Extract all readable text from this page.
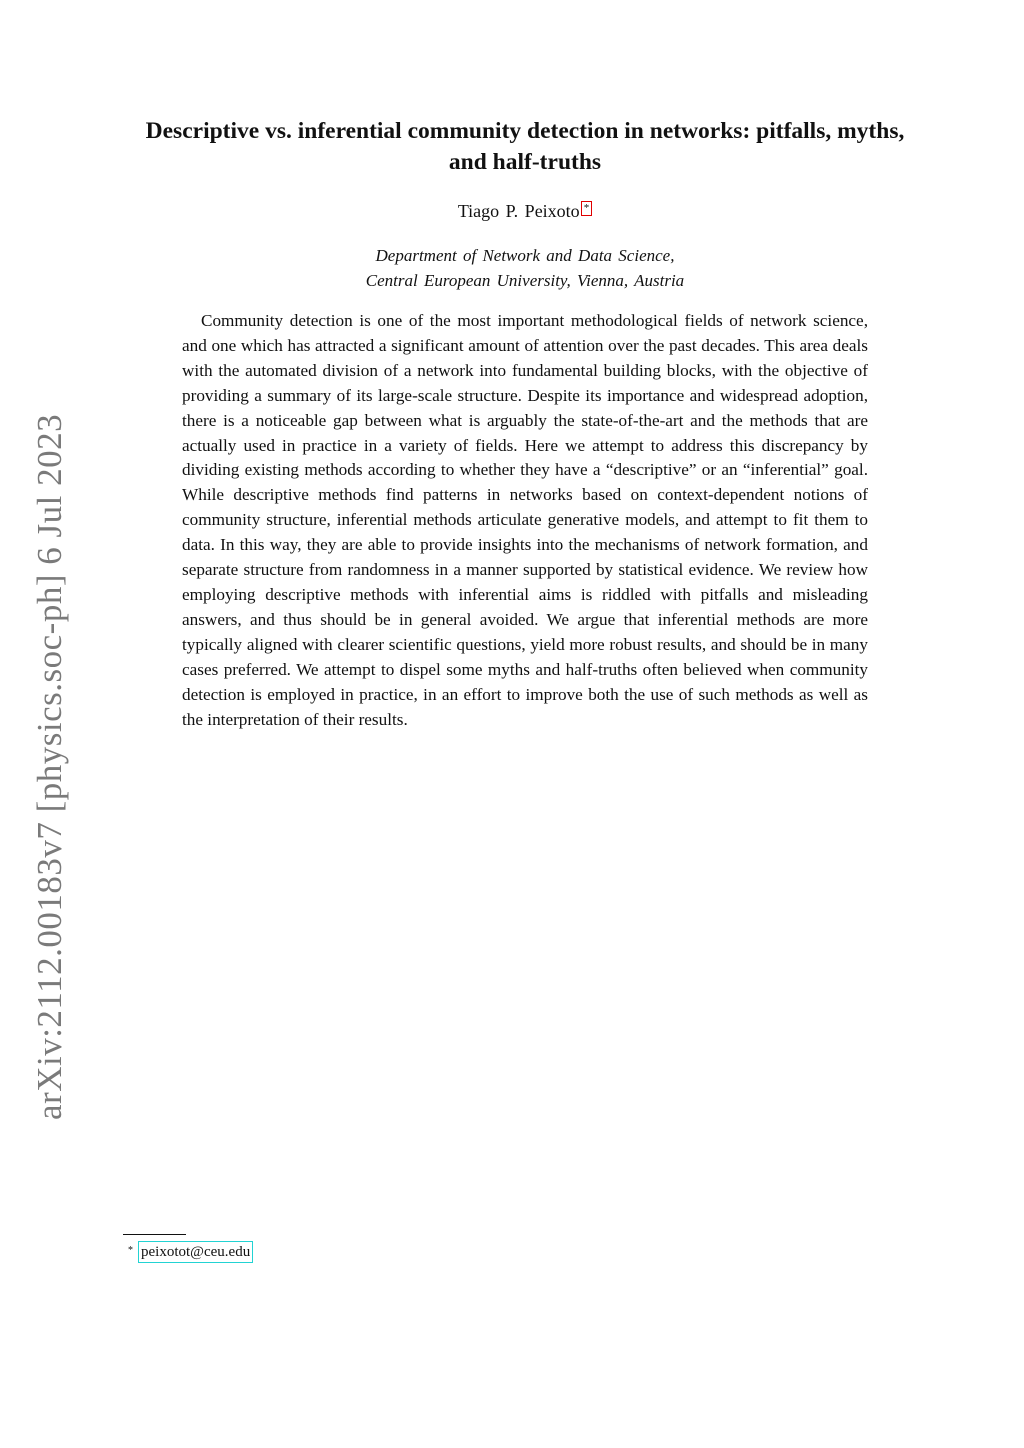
arXiv:2112.00183v7 [physics.soc-ph] 6 Jul 2023
Descriptive vs. inferential community detection in networks: pitfalls, myths,
and half-truths
Tiago P. Peixoto *
Department of Network and Data Science,
Central European University, Vienna, Austria

Community detection is one of the most important methodological fields of network science, and one which has attracted a significant amount of attention over the past decades. This area deals with the automated division of a network into fundamental building blocks, with the objective of providing a summary of its large-scale structure. Despite its importance and widespread adoption, there is a noticeable gap between what is arguably the state-of-the-art and the methods that are actually used in practice in a variety of fields. Here we attempt to address this discrepancy by dividing existing methods according to whether they have a “descriptive” or an “inferential” goal. While descriptive methods find patterns in networks based on context-dependent notions of community structure, inferential methods articulate generative models, and attempt to fit them to data. In this way, they are able to provide insights into the mechanisms of network formation, and separate structure from randomness in a manner supported by statistical evidence. We review how employing descriptive methods with inferential aims is riddled with pitfalls and misleading answers, and thus should be in general avoided. We argue that inferential methods are more typically aligned with clearer scientific questions, yield more robust results, and should be in many cases preferred. We attempt to dispel some myths and half-truths often believed when community detection is employed in practice, in an effort to improve both the use of such methods as well as the interpretation of their results.

* peixotot@ceu.edu
